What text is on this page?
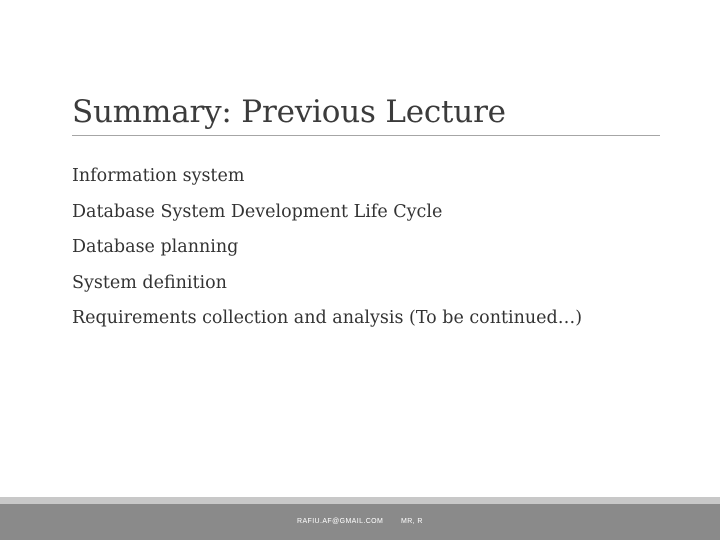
Summary: Previous Lecture
Information system
Database System Development Life Cycle
Database planning
System definition
Requirements collection and analysis (To be continued…)
RAFIU.AF@GMAIL.COM	MR, R
